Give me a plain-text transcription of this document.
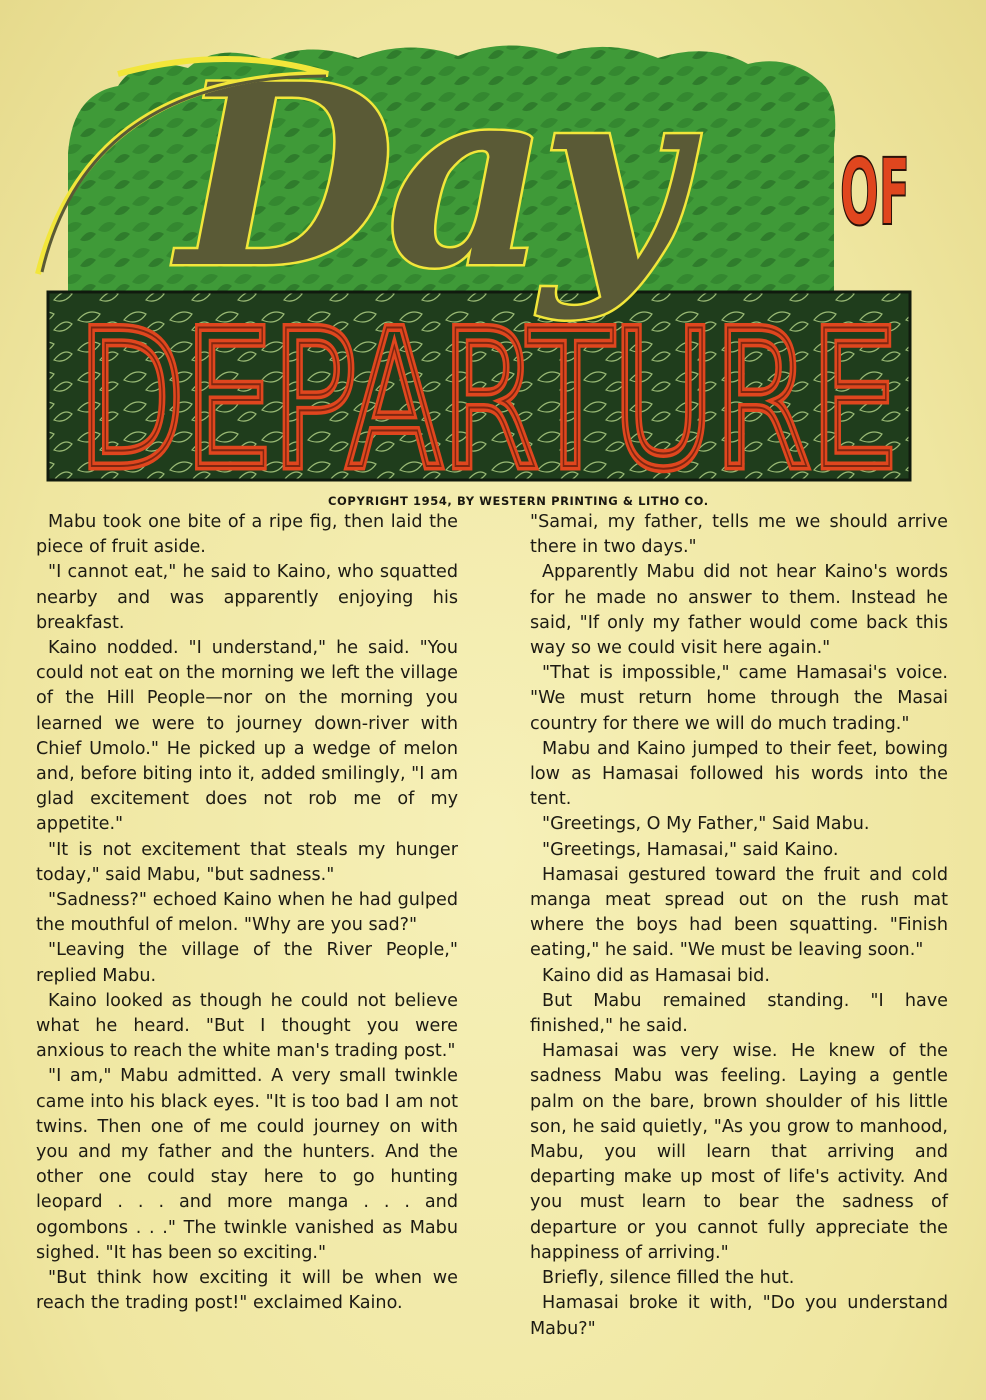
Day OF
DEPARTURE
DEPARTURE
COPYRIGHT 1954, BY WESTERN PRINTING & LITHO CO.

Mabu took one bite of a ripe fig, then laid the piece of fruit aside.

"I cannot eat," he said to Kaino, who squatted nearby and was apparently enjoying his breakfast.

Kaino nodded. "I understand," he said. "You could not eat on the morning we left the village of the Hill People—nor on the morning you learned we were to journey down-river with Chief Umolo." He picked up a wedge of melon and, before biting into it, added smilingly, "I am glad excitement does not rob me of my appetite."

"It is not excitement that steals my hunger today," said Mabu, "but sadness."

"Sadness?" echoed Kaino when he had gulped the mouthful of melon. "Why are you sad?"

"Leaving the village of the River People," replied Mabu.

Kaino looked as though he could not believe what he heard. "But I thought you were anxious to reach the white man's trading post."

"I am," Mabu admitted. A very small twinkle came into his black eyes. "It is too bad I am not twins. Then one of me could journey on with you and my father and the hunters. And the other one could stay here to go hunting leopard . . . and more manga . . . and ogombons . . ." The twinkle vanished as Mabu sighed. "It has been so exciting."

"But think how exciting it will be when we reach the trading post!" exclaimed Kaino.

"Samai, my father, tells me we should arrive there in two days."

Apparently Mabu did not hear Kaino's words for he made no answer to them. Instead he said, "If only my father would come back this way so we could visit here again."

"That is impossible," came Hamasai's voice. "We must return home through the Masai country for there we will do much trading."

Mabu and Kaino jumped to their feet, bowing low as Hamasai followed his words into the tent.

"Greetings, O My Father," Said Mabu.

"Greetings, Hamasai," said Kaino.

Hamasai gestured toward the fruit and cold manga meat spread out on the rush mat where the boys had been squatting. "Finish eating," he said. "We must be leaving soon."

Kaino did as Hamasai bid.

But Mabu remained standing. "I have finished," he said.

Hamasai was very wise. He knew of the sadness Mabu was feeling. Laying a gentle palm on the bare, brown shoulder of his little son, he said quietly, "As you grow to manhood, Mabu, you will learn that arriving and departing make up most of life's activity. And you must learn to bear the sadness of departure or you cannot fully appreciate the happiness of arriving."

Briefly, silence filled the hut.

Hamasai broke it with, "Do you understand Mabu?"
